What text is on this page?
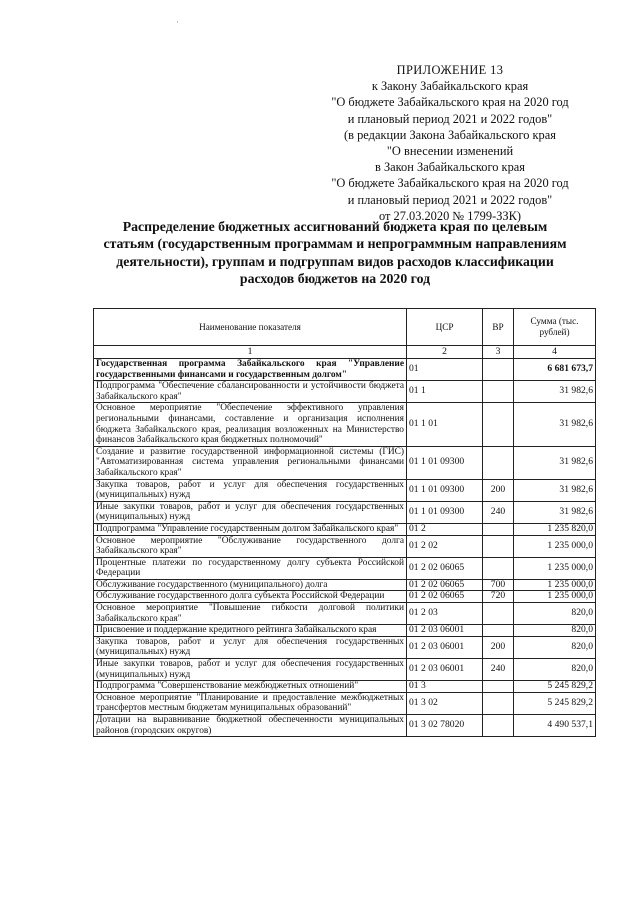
·
ПРИЛОЖЕНИЕ 13
к Закону Забайкальского края
"О бюджете Забайкальского края на 2020 год
и плановый период 2021 и 2022 годов"
(в редакции Закона Забайкальского края
"О внесении изменений
в Закон Забайкальского края
"О бюджете Забайкальского края на 2020 год
и плановый период 2021 и 2022 годов"
от 27.03.2020 № 1799-ЗЗК)
Распределение бюджетных ассигнований бюджета края по целевым
статьям (государственным программам и непрограммным направлениям
деятельности), группам и подгруппам видов расходов классификации
расходов бюджетов на 2020 год
Наименование показателя	ЦСР	ВР	Сумма (тыс. рублей)
1	2	3	4
Государственная программа Забайкальского края "Управление государственными финансами и государственным долгом"	01		6 681 673,7
Подпрограмма "Обеспечение сбалансированности и устойчивости бюджета Забайкальского края"	01 1		31 982,6
Основное мероприятие "Обеспечение эффективного управления региональными финансами, составление и организация исполнения бюджета Забайкальского края, реализация возложенных на Министерство финансов Забайкальского края бюджетных полномочий"	01 1 01		31 982,6
Создание и развитие государственной информационной системы (ГИС) "Автоматизированная система управления региональными финансами Забайкальского края"	01 1 01 09300		31 982,6
Закупка товаров, работ и услуг для обеспечения государственных (муниципальных) нужд	01 1 01 09300	200	31 982,6
Иные закупки товаров, работ и услуг для обеспечения государственных (муниципальных) нужд	01 1 01 09300	240	31 982,6
Подпрограмма "Управление государственным долгом Забайкальского края"	01 2		1 235 820,0
Основное мероприятие "Обслуживание государственного долга Забайкальского края"	01 2 02		1 235 000,0
Процентные платежи по государственному долгу субъекта Российской Федерации	01 2 02 06065		1 235 000,0
Обслуживание государственного (муниципального) долга	01 2 02 06065	700	1 235 000,0
Обслуживание государственного долга субъекта Российской Федерации	01 2 02 06065	720	1 235 000,0
Основное мероприятие "Повышение гибкости долговой политики Забайкальского края"	01 2 03		820,0
Присвоение и поддержание кредитного рейтинга Забайкальского края	01 2 03 06001		820,0
Закупка товаров, работ и услуг для обеспечения государственных (муниципальных) нужд	01 2 03 06001	200	820,0
Иные закупки товаров, работ и услуг для обеспечения государственных (муниципальных) нужд	01 2 03 06001	240	820,0
Подпрограмма "Совершенствование межбюджетных отношений"	01 3		5 245 829,2
Основное мероприятие "Планирование и предоставление межбюджетных трансфертов местным бюджетам муниципальных образований"	01 3 02		5 245 829,2
Дотации на выравнивание бюджетной обеспеченности муниципальных районов (городских округов)	01 3 02 78020		4 490 537,1
